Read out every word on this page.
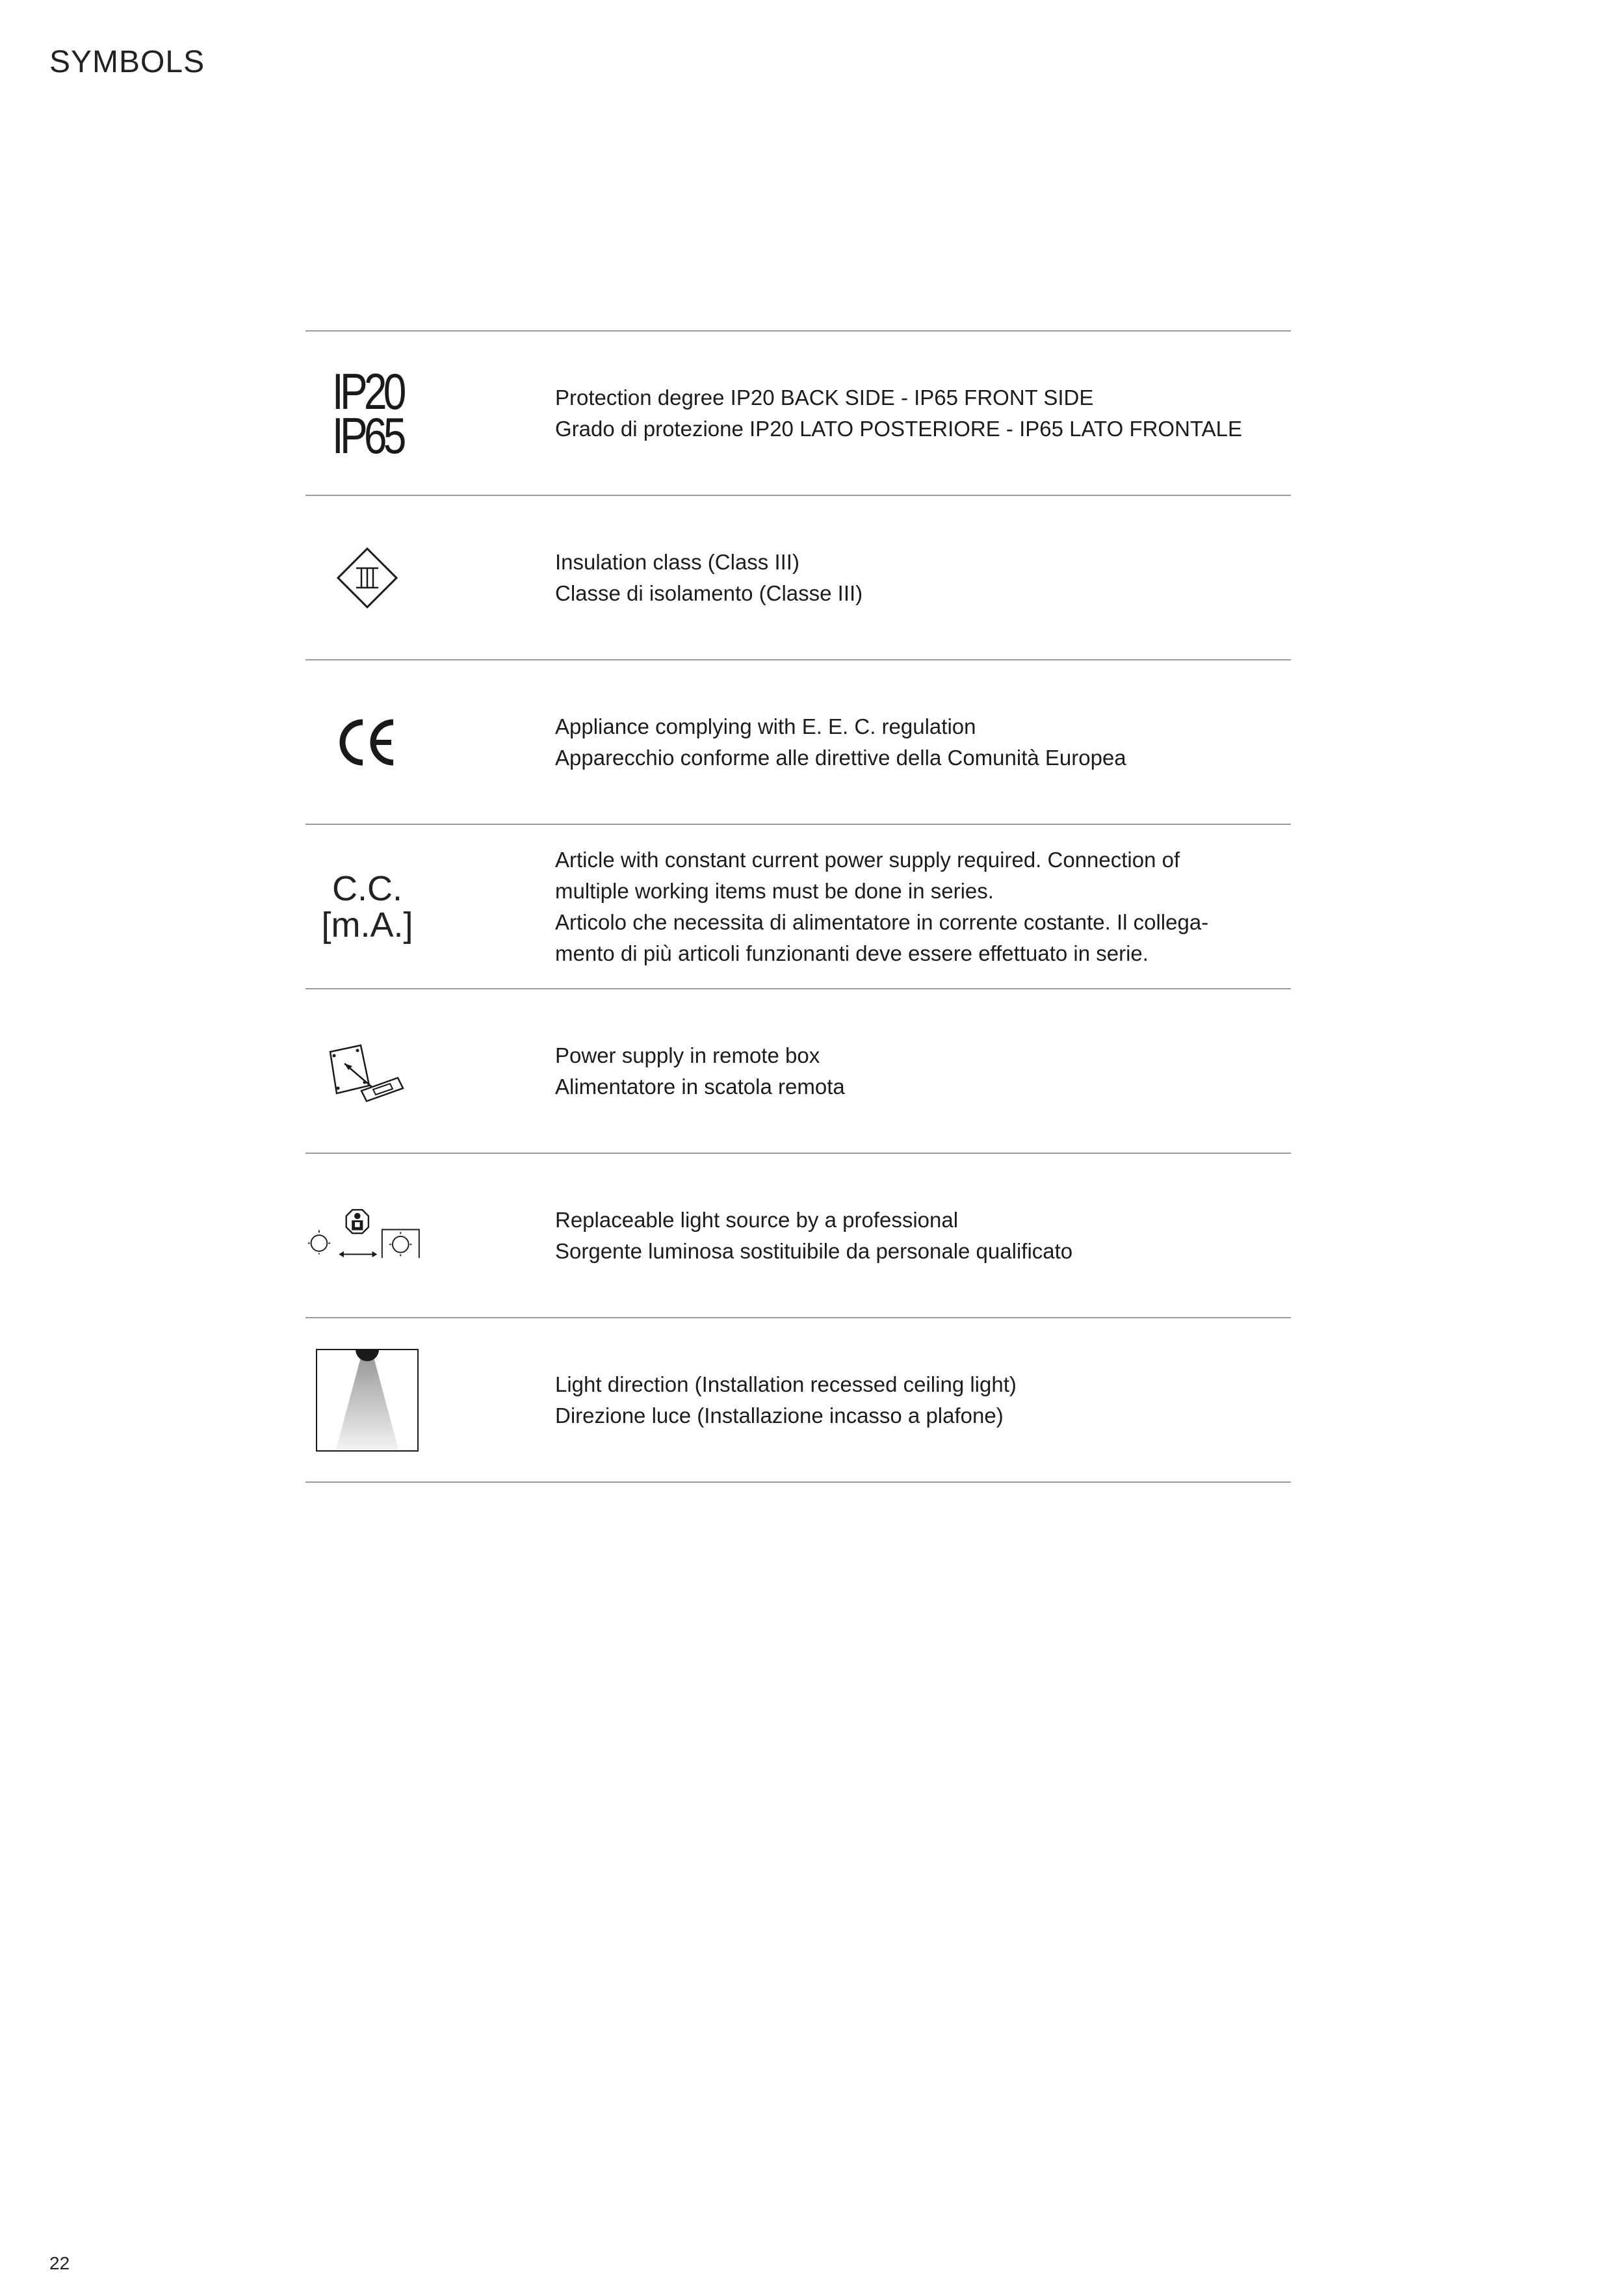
SYMBOLS
IP20
IP65
Protection degree IP20 BACK SIDE - IP65 FRONT SIDE
Grado di protezione IP20 LATO POSTERIORE - IP65 LATO FRONTALE
Insulation class (Class III)
Classe di isolamento (Classe III)
Appliance complying with E. E. C. regulation
Apparecchio conforme alle direttive della Comunità Europea
C.C.
[m.A.]
Article with constant current power supply required. Connection of
multiple working items must be done in series.
Articolo che necessita di alimentatore in corrente costante. Il collega-
mento di più articoli funzionanti deve essere effettuato in serie.
Power supply in remote box
Alimentatore in scatola remota
Replaceable light source by a professional
Sorgente luminosa sostituibile da personale qualificato
Light direction (Installation recessed ceiling light)
Direzione luce (Installazione incasso a plafone)
22
